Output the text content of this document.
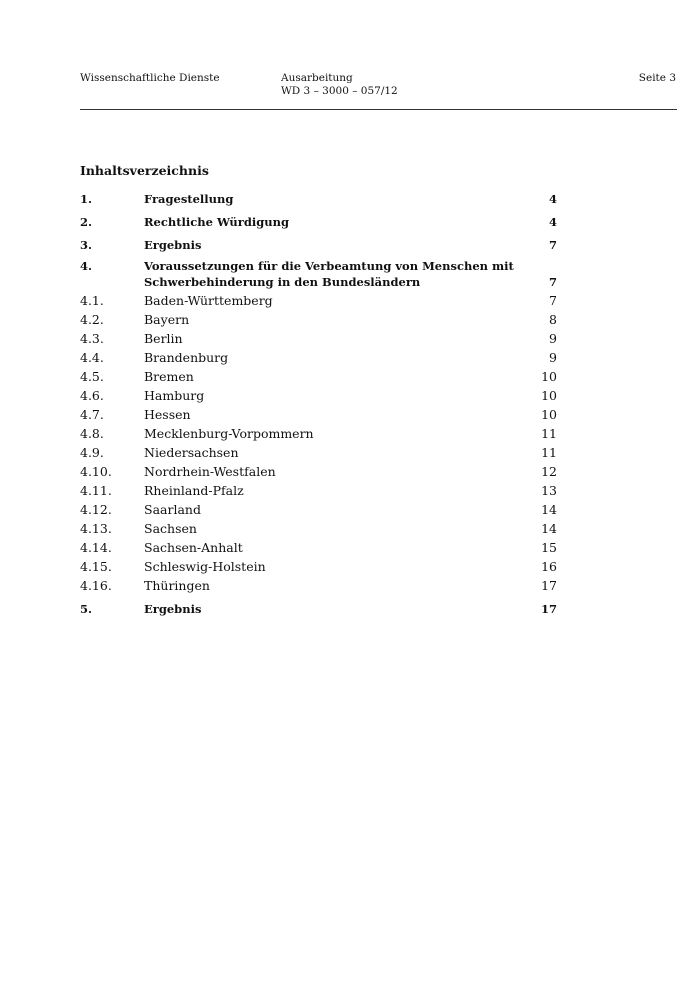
Wissenschaftliche Dienste	Ausarbeitung
WD 3 – 3000 – 057/12
Seite 3
Inhaltsverzeichnis
1.	Fragestellung	4
2.	Rechtliche Würdigung	4
3.	Ergebnis	7
4.	Voraussetzungen für die Verbeamtung von Menschen mit
Schwerbehinderung in den Bundesländern	7
4.1.	Baden-Württemberg	7
4.2.	Bayern	8
4.3.	Berlin	9
4.4.	Brandenburg	9
4.5.	Bremen	10
4.6.	Hamburg	10
4.7.	Hessen	10
4.8.	Mecklenburg-Vorpommern	11
4.9.	Niedersachsen	11
4.10.	Nordrhein-Westfalen	12
4.11.	Rheinland-Pfalz	13
4.12.	Saarland	14
4.13.	Sachsen	14
4.14.	Sachsen-Anhalt	15
4.15.	Schleswig-Holstein	16
4.16.	Thüringen	17
5.	Ergebnis	17
